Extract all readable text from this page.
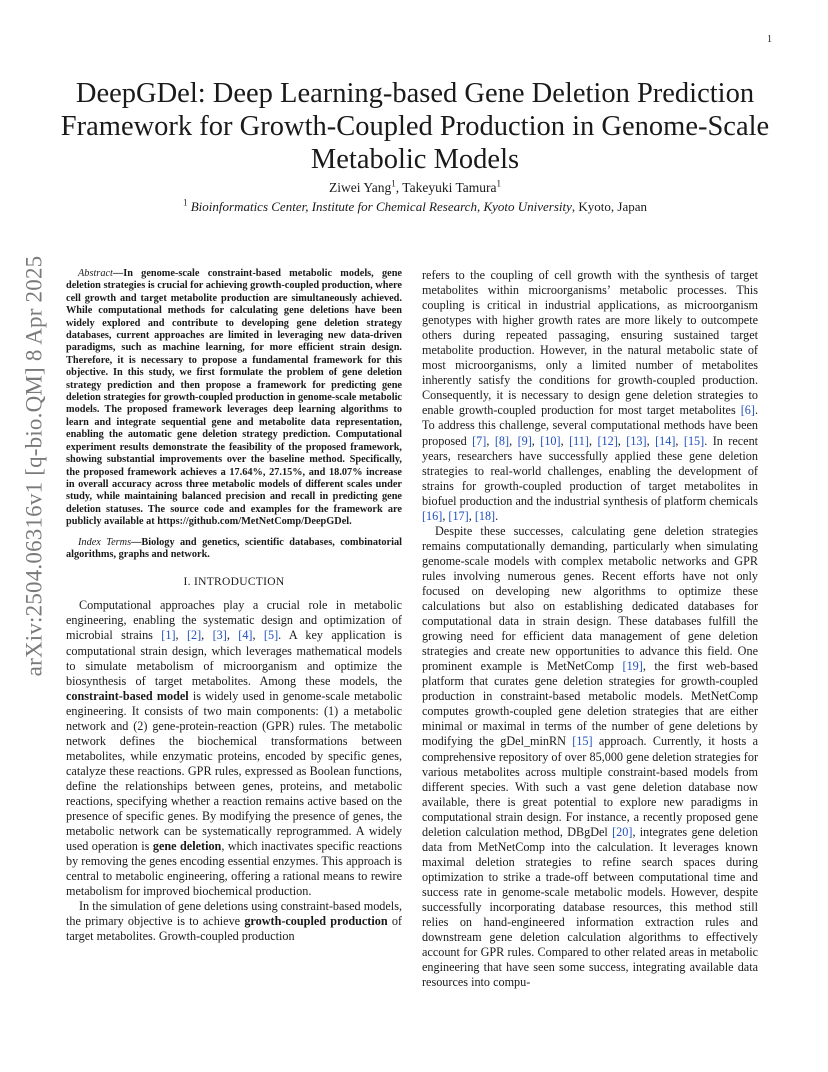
1
arXiv:2504.06316v1 [q-bio.QM] 8 Apr 2025
DeepGDel: Deep Learning-based Gene Deletion Prediction Framework for Growth-Coupled Production in Genome-Scale Metabolic Models
Ziwei Yang$^1$, Takeyuki Tamura$^1$
$^1$ Bioinformatics Center, Institute for Chemical Research, Kyoto University, Kyoto, Japan

Abstract—In genome-scale constraint-based metabolic models, gene deletion strategies is crucial for achieving growth-coupled production, where cell growth and target metabolite production are simultaneously achieved. While computational methods for calculating gene deletions have been widely explored and contribute to developing gene deletion strategy databases, current approaches are limited in leveraging new data-driven paradigms, such as machine learning, for more efficient strain design. Therefore, it is necessary to propose a fundamental framework for this objective. In this study, we first formulate the problem of gene deletion strategy prediction and then propose a framework for predicting gene deletion strategies for growth-coupled production in genome-scale metabolic models. The proposed framework leverages deep learning algorithms to learn and integrate sequential gene and metabolite data representation, enabling the automatic gene deletion strategy prediction. Computational experiment results demonstrate the feasibility of the proposed framework, showing substantial improvements over the baseline method. Specifically, the proposed framework achieves a 17.64%, 27.15%, and 18.07% increase in overall accuracy across three metabolic models of different scales under study, while maintaining balanced precision and recall in predicting gene deletion statuses. The source code and examples for the framework are publicly available at https://github.com/MetNetComp/DeepGDel.

Index Terms—Biology and genetics, scientific databases, combinatorial algorithms, graphs and network.

I. INTRODUCTION

Computational approaches play a crucial role in metabolic engineering, enabling the systematic design and optimization of microbial strains [1], [2], [3], [4], [5]. A key application is computational strain design, which leverages mathematical models to simulate metabolism of microorganism and optimize the biosynthesis of target metabolites. Among these models, the constraint-based model is widely used in genome-scale metabolic engineering. It consists of two main components: (1) a metabolic network and (2) gene-protein-reaction (GPR) rules. The metabolic network defines the biochemical transformations between metabolites, while enzymatic proteins, encoded by specific genes, catalyze these reactions. GPR rules, expressed as Boolean functions, define the relationships between genes, proteins, and metabolic reactions, specifying whether a reaction remains active based on the presence of specific genes. By modifying the presence of genes, the metabolic network can be systematically reprogrammed. A widely used operation is gene deletion, which inactivates specific reactions by removing the genes encoding essential enzymes. This approach is central to metabolic engineering, offering a rational means to rewire metabolism for improved biochemical production.

In the simulation of gene deletions using constraint-based models, the primary objective is to achieve growth-coupled production of target metabolites. Growth-coupled production

refers to the coupling of cell growth with the synthesis of target metabolites within microorganisms’ metabolic processes. This coupling is critical in industrial applications, as microorganism genotypes with higher growth rates are more likely to outcompete others during repeated passaging, ensuring sustained target metabolite production. However, in the natural metabolic state of most microorganisms, only a limited number of metabolites inherently satisfy the conditions for growth-coupled production. Consequently, it is necessary to design gene deletion strategies to enable growth-coupled production for most target metabolites [6]. To address this challenge, several computational methods have been proposed [7], [8], [9], [10], [11], [12], [13], [14], [15]. In recent years, researchers have successfully applied these gene deletion strategies to real-world challenges, enabling the development of strains for growth-coupled production of target metabolites in biofuel production and the industrial synthesis of platform chemicals [16], [17], [18].

Despite these successes, calculating gene deletion strategies remains computationally demanding, particularly when simulating genome-scale models with complex metabolic networks and GPR rules involving numerous genes. Recent efforts have not only focused on developing new algorithms to optimize these calculations but also on establishing dedicated databases for computational data in strain design. These databases fulfill the growing need for efficient data management of gene deletion strategies and create new opportunities to advance this field. One prominent example is MetNetComp [19], the first web-based platform that curates gene deletion strategies for growth-coupled production in constraint-based metabolic models. MetNetComp computes growth-coupled gene deletion strategies that are either minimal or maximal in terms of the number of gene deletions by modifying the gDel_minRN [15] approach. Currently, it hosts a comprehensive repository of over 85,000 gene deletion strategies for various metabolites across multiple constraint-based models from different species. With such a vast gene deletion database now available, there is great potential to explore new paradigms in computational strain design. For instance, a recently proposed gene deletion calculation method, DBgDel [20], integrates gene deletion data from MetNetComp into the calculation. It leverages known maximal deletion strategies to refine search spaces during optimization to strike a trade-off between computational time and success rate in genome-scale metabolic models. However, despite successfully incorporating database resources, this method still relies on hand-engineered information extraction rules and downstream gene deletion calculation algorithms to effectively account for GPR rules. Compared to other related areas in metabolic engineering that have seen some success, integrating available data resources into compu-
